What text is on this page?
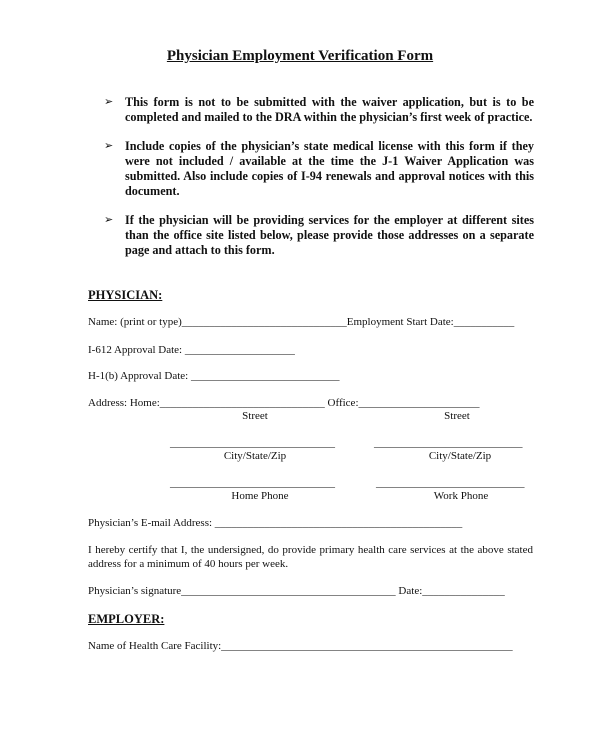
Physician Employment Verification Form
➢ This form is not to be submitted with the waiver application, but is to be completed and mailed to the DRA within the physician’s first week of practice.
➢ Include copies of the physician’s state medical license with this form if they were not included / available at the time the J-1 Waiver Application was submitted. Also include copies of I-94 renewals and approval notices with this document.
➢ If the physician will be providing services for the employer at different sites than the office site listed below, please provide those addresses on a separate page and attach to this form.
PHYSICIAN:
Name: (print or type)______________________________Employment Start Date:___________
I-612 Approval Date: ____________________
H-1(b) Approval Date: ___________________________
Address: Home:______________________________ Office:______________________
Street	Street
______________________________	___________________________
City/State/Zip	City/State/Zip
______________________________	___________________________
Home Phone	Work Phone
Physician’s E-mail Address: _____________________________________________
I hereby certify that I, the undersigned, do provide primary health care services at the above stated address for a minimum of 40 hours per week.
Physician’s signature_______________________________________ Date:_______________
EMPLOYER:
Name of Health Care Facility:_____________________________________________________
